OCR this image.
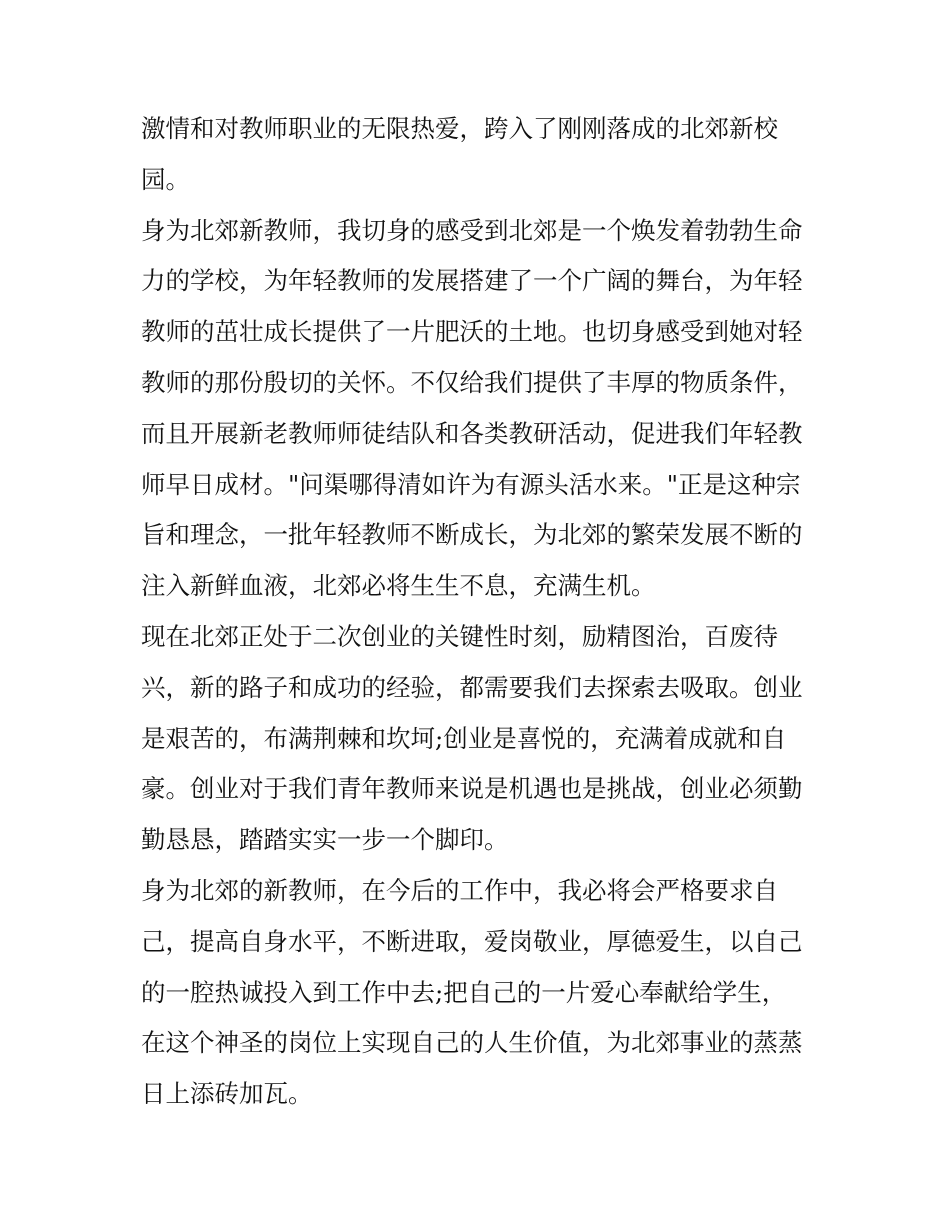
激情和对教师职业的无限热爱，跨入了刚刚落成的北郊新校
园。
身为北郊新教师，我切身的感受到北郊是一个焕发着勃勃生命
力的学校，为年轻教师的发展搭建了一个广阔的舞台，为年轻
教师的茁壮成长提供了一片肥沃的土地。也切身感受到她对轻
教师的那份殷切的关怀。不仅给我们提供了丰厚的物质条件，
而且开展新老教师师徒结队和各类教研活动，促进我们年轻教
师早日成材。"问渠哪得清如许为有源头活水来。"正是这种宗
旨和理念，一批年轻教师不断成长，为北郊的繁荣发展不断的
注入新鲜血液，北郊必将生生不息，充满生机。
现在北郊正处于二次创业的关键性时刻，励精图治，百废待
兴，新的路子和成功的经验，都需要我们去探索去吸取。创业
是艰苦的，布满荆棘和坎坷;创业是喜悦的，充满着成就和自
豪。创业对于我们青年教师来说是机遇也是挑战，创业必须勤
勤恳恳，踏踏实实一步一个脚印。
身为北郊的新教师，在今后的工作中，我必将会严格要求自
己，提高自身水平，不断进取，爱岗敬业，厚德爱生，以自己
的一腔热诚投入到工作中去;把自己的一片爱心奉献给学生，
在这个神圣的岗位上实现自己的人生价值，为北郊事业的蒸蒸
日上添砖加瓦。
